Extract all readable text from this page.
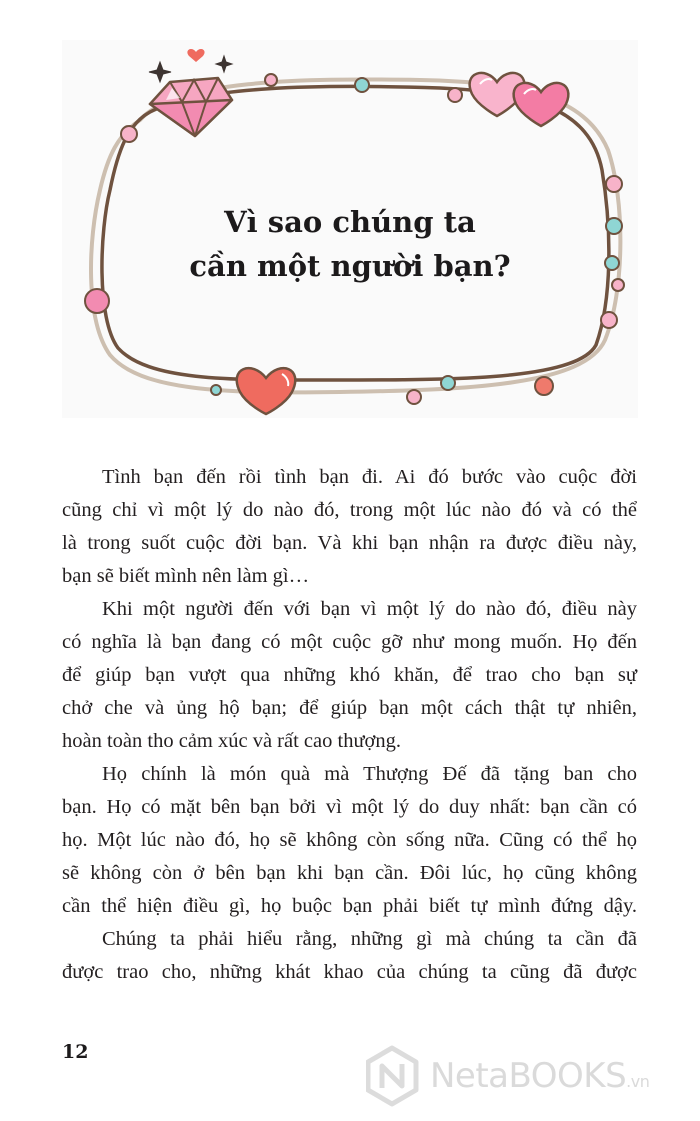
Vì sao chúng ta
cần một người bạn?

Tình bạn đến rồi tình bạn đi. Ai đó bước vào cuộc đời
cũng chỉ vì một lý do nào đó, trong một lúc nào đó và có thể
là trong suốt cuộc đời bạn. Và khi bạn nhận ra được điều này,
bạn sẽ biết mình nên làm gì…

Khi một người đến với bạn vì một lý do nào đó, điều này
có nghĩa là bạn đang có một cuộc gỡ như mong muốn. Họ đến
để giúp bạn vượt qua những khó khăn, để trao cho bạn sự
chở che và ủng hộ bạn; để giúp bạn một cách thật tự nhiên,
hoàn toàn tho cảm xúc và rất cao thượng.

Họ chính là món quà mà Thượng Đế đã tặng ban cho
bạn. Họ có mặt bên bạn bởi vì một lý do duy nhất: bạn cần có
họ. Một lúc nào đó, họ sẽ không còn sống nữa. Cũng có thể họ
sẽ không còn ở bên bạn khi bạn cần. Đôi lúc, họ cũng không
cần thể hiện điều gì, họ buộc bạn phải biết tự mình đứng dậy.

Chúng ta phải hiểu rằng, những gì mà chúng ta cần đã
được trao cho, những khát khao của chúng ta cũng đã được

12
NetaBOOKS.vn
